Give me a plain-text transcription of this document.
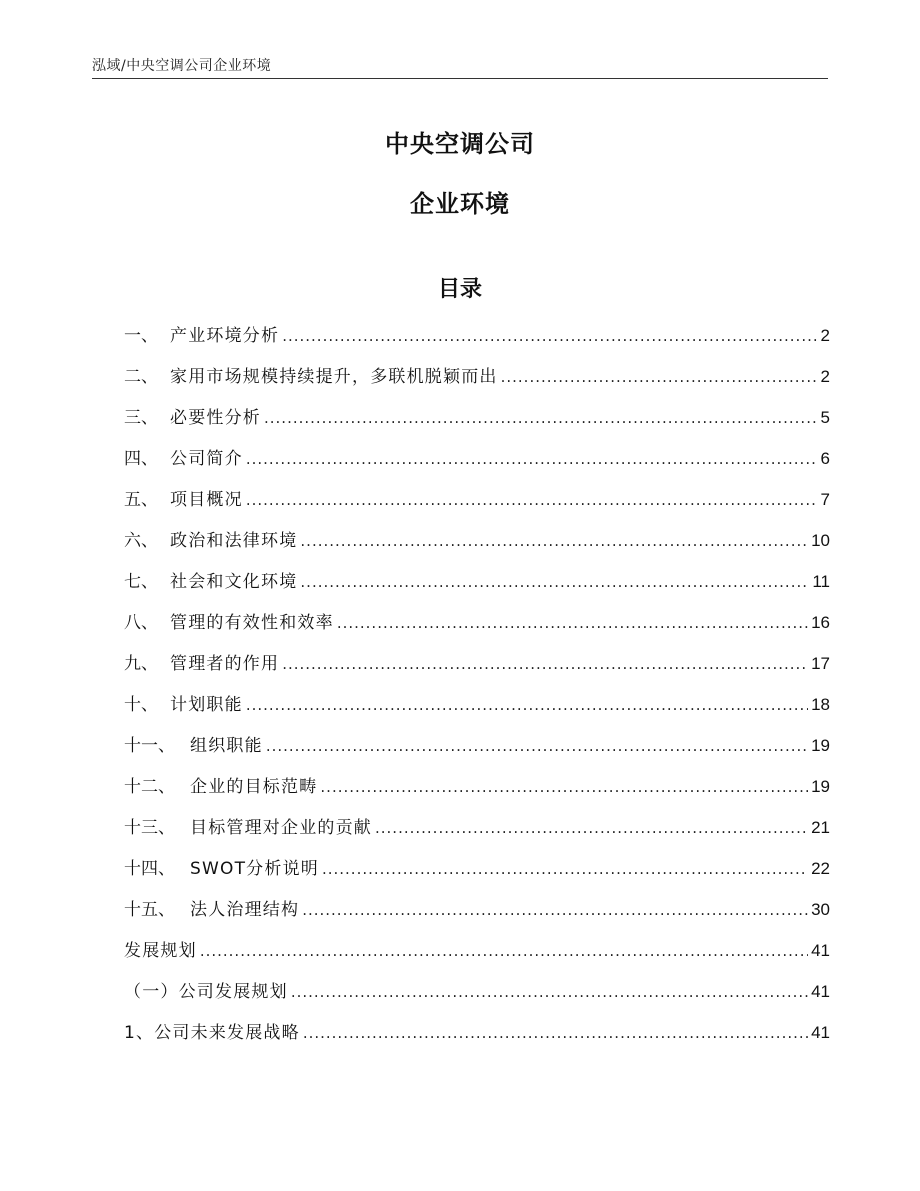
泓域/中央空调公司企业环境
中央空调公司
企业环境
目录
一、 产业环境分析 .....	2
二、 家用市场规模持续提升，多联机脱颖而出 .....	2
三、 必要性分析 .....	5
四、 公司简介 .....	6
五、 项目概况 .....	7
六、 政治和法律环境 .....	10
七、 社会和文化环境 .....	11
八、 管理的有效性和效率 .....	16
九、 管理者的作用 .....	17
十、 计划职能 .....	18
十一、 组织职能 .....	19
十二、 企业的目标范畴 .....	19
十三、 目标管理对企业的贡献 .....	21
十四、 SWOT分析说明 .....	22
十五、 法人治理结构 .....	30
发展规划 .....	41
（一）公司发展规划 .....	41
1、公司未来发展战略 .....	41
